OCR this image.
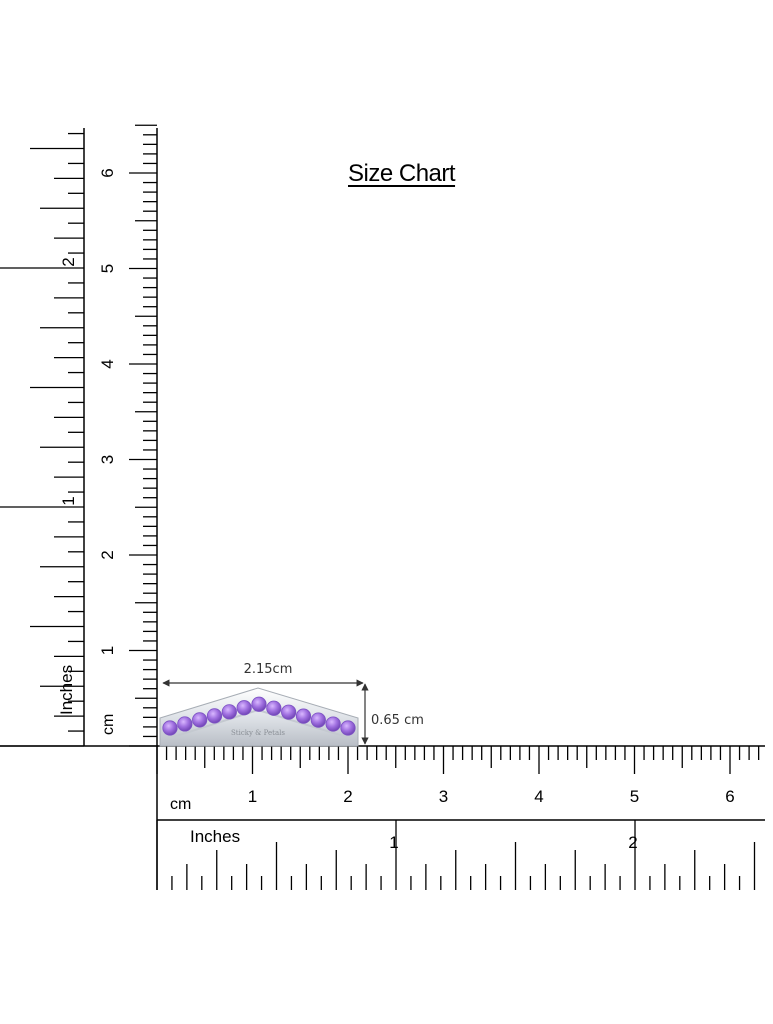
Size Chart
1
1
2
2
3
3
4
4
5
5
6
6
1
1
2
2
Sticky & Petals
2.15cm
0.65 cm
cm
Inches
cm
Inches
